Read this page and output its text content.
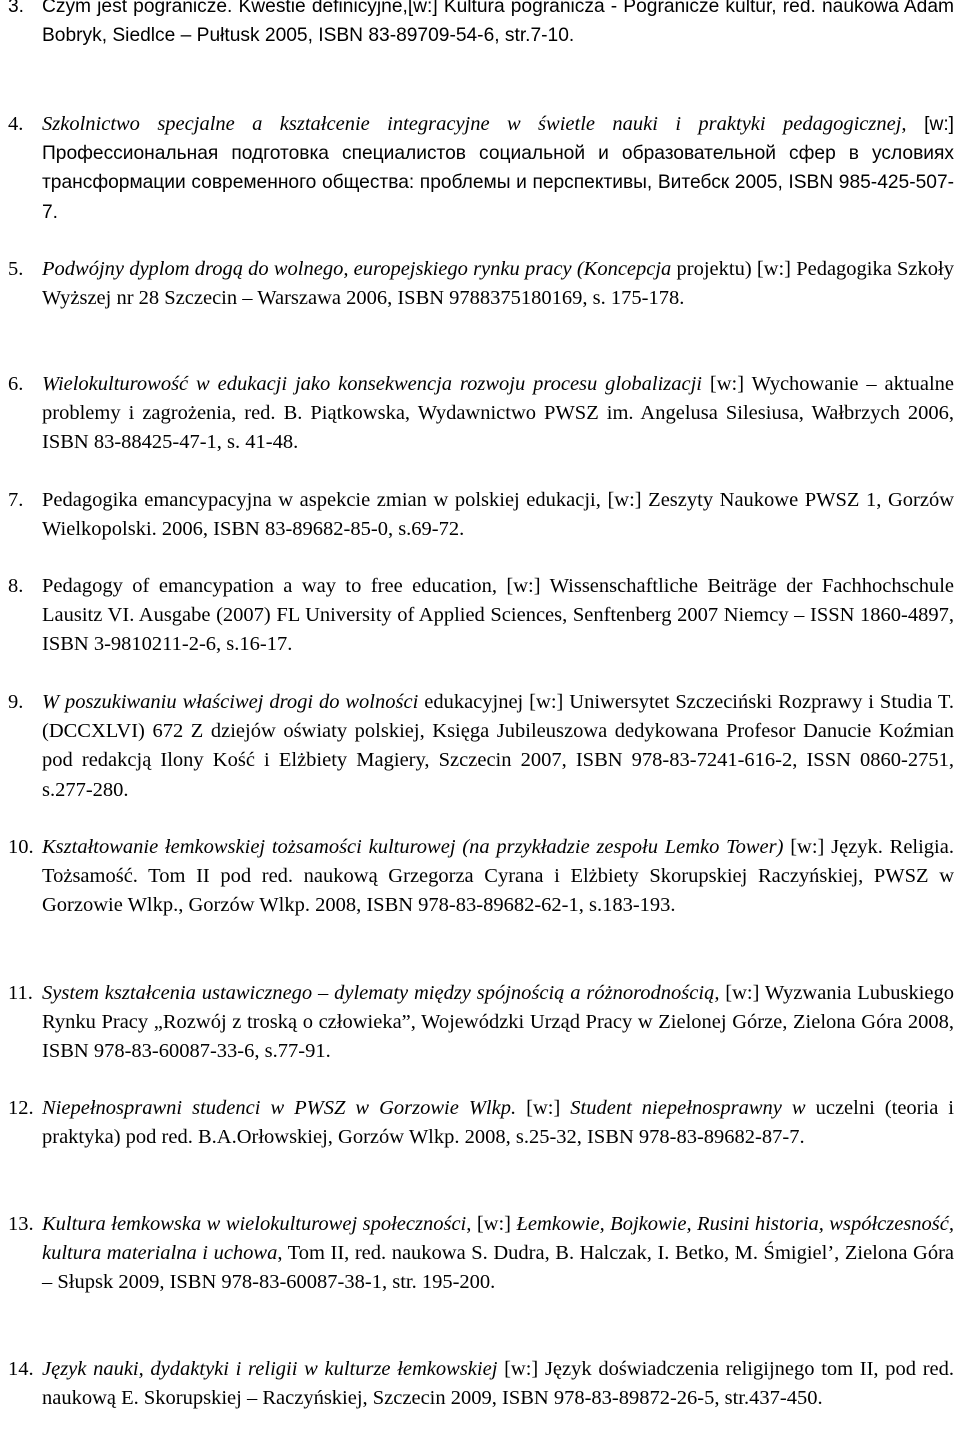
3. Czym jest pogranicze. Kwestie definicyjne,[w:] Kultura pogranicza - Pogranicze kultur, red. naukowa Adam Bobryk, Siedlce – Pułtusk 2005, ISBN 83-89709-54-6, str.7-10.
4. Szkolnictwo specjalne a kształcenie integracyjne w świetle nauki i praktyki pedagogicznej, [w:] Профессиональная подготовка специалистов социальной и образовательной сфер в условиях трансформации современного общества: проблемы и перспективы, Витебск 2005, ISBN 985-425-507-7.
5. Podwójny dyplom drogą do wolnego, europejskiego rynku pracy (Koncepcja projektu) [w:] Pedagogika Szkoły Wyższej nr 28 Szczecin – Warszawa 2006, ISBN 9788375180169, s. 175-178.
6. Wielokulturowość w edukacji jako konsekwencja rozwoju procesu globalizacji [w:] Wychowanie – aktualne problemy i zagrożenia, red. B. Piątkowska, Wydawnictwo PWSZ im. Angelusa Silesiusa, Wałbrzych 2006, ISBN 83-88425-47-1, s. 41-48.
7. Pedagogika emancypacyjna w aspekcie zmian w polskiej edukacji, [w:] Zeszyty Naukowe PWSZ 1, Gorzów Wielkopolski. 2006, ISBN 83-89682-85-0, s.69-72.
8. Pedagogy of emancypation a way to free education, [w:] Wissenschaftliche Beiträge der Fachhochschule Lausitz VI. Ausgabe (2007) FL University of Applied Sciences, Senftenberg 2007 Niemcy – ISSN 1860-4897, ISBN 3-9810211-2-6, s.16-17.
9. W poszukiwaniu właściwej drogi do wolności edukacyjnej [w:] Uniwersytet Szczeciński Rozprawy i Studia T. (DCCXLVI) 672 Z dziejów oświaty polskiej, Księga Jubileuszowa dedykowana Profesor Danucie Koźmian pod redakcją Ilony Kość i Elżbiety Magiery, Szczecin 2007, ISBN 978-83-7241-616-2, ISSN 0860-2751, s.277-280.
10. Kształtowanie łemkowskiej tożsamości kulturowej (na przykładzie zespołu Lemko Tower) [w:] Język. Religia. Tożsamość. Tom II pod red. naukową Grzegorza Cyrana i Elżbiety Skorupskiej Raczyńskiej, PWSZ w Gorzowie Wlkp., Gorzów Wlkp. 2008, ISBN 978-83-89682-62-1, s.183-193.
11. System kształcenia ustawicznego – dylematy między spójnością a różnorodnością, [w:] Wyzwania Lubuskiego Rynku Pracy „Rozwój z troską o człowieka”, Wojewódzki Urząd Pracy w Zielonej Górze, Zielona Góra 2008, ISBN 978-83-60087-33-6, s.77-91.
12. Niepełnosprawni studenci w PWSZ w Gorzowie Wlkp. [w:] Student niepełnosprawny w uczelni (teoria i praktyka) pod red. B.A.Orłowskiej, Gorzów Wlkp. 2008, s.25-32, ISBN 978-83-89682-87-7.
13. Kultura łemkowska w wielokulturowej społeczności, [w:] Łemkowie, Bojkowie, Rusini historia, współczesność, kultura materialna i uchowa, Tom II, red. naukowa S. Dudra, B. Halczak, I. Betko, M. Śmigiel’, Zielona Góra – Słupsk 2009, ISBN 978-83-60087-38-1, str. 195-200.
14. Język nauki, dydaktyki i religii w kulturze łemkowskiej [w:] Język doświadczenia religijnego tom II, pod red. naukową E. Skorupskiej – Raczyńskiej, Szczecin 2009, ISBN 978-83-89872-26-5, str.437-450.
